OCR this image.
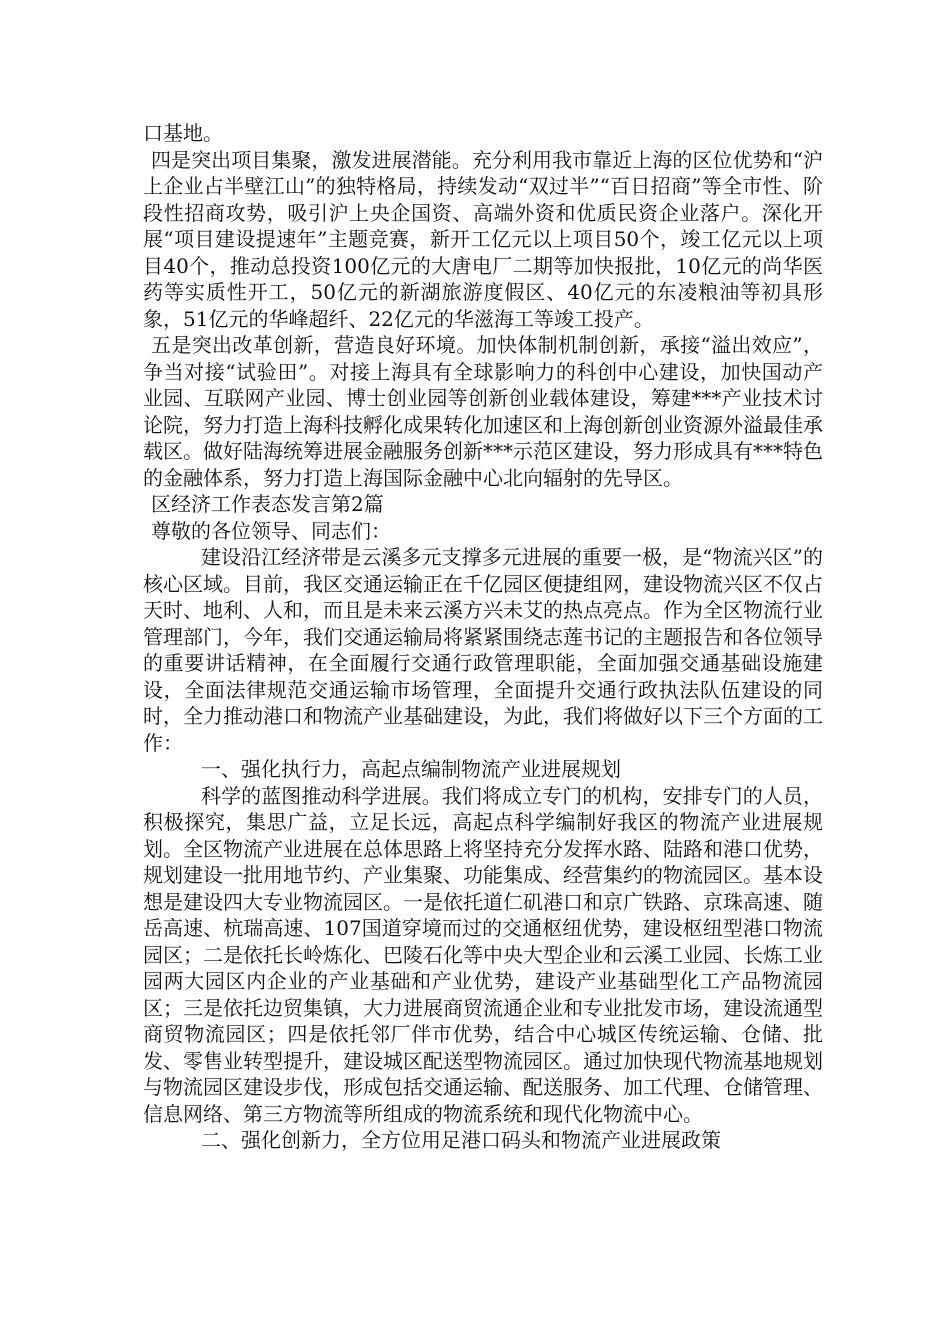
口基地。

四是突出项目集聚，激发进展潜能。充分利用我市靠近上海的区位优势和“沪上企业占半壁江山”的独特格局，持续发动“双过半”“百日招商”等全市性、阶段性招商攻势，吸引沪上央企国资、高端外资和优质民资企业落户。深化开展“项目建设提速年”主题竞赛，新开工亿元以上项目50个，竣工亿元以上项目40个，推动总投资100亿元的大唐电厂二期等加快报批，10亿元的尚华医药等实质性开工，50亿元的新湖旅游度假区、40亿元的东凌粮油等初具形象，51亿元的华峰超纤、22亿元的华滋海工等竣工投产。

五是突出改革创新，营造良好环境。加快体制机制创新，承接“溢出效应”，争当对接“试验田”。对接上海具有全球影响力的科创中心建设，加快国动产业园、互联网产业园、博士创业园等创新创业载体建设，筹建***产业技术讨论院，努力打造上海科技孵化成果转化加速区和上海创新创业资源外溢最佳承载区。做好陆海统筹进展金融服务创新***示范区建设，努力形成具有***特色的金融体系，努力打造上海国际金融中心北向辐射的先导区。

区经济工作表态发言第2篇

尊敬的各位领导、同志们：

建设沿江经济带是云溪多元支撑多元进展的重要一极，是“物流兴区”的核心区域。目前，我区交通运输正在千亿园区便捷组网，建设物流兴区不仅占天时、地利、人和，而且是未来云溪方兴未艾的热点亮点。作为全区物流行业管理部门，今年，我们交通运输局将紧紧围绕志莲书记的主题报告和各位领导的重要讲话精神，在全面履行交通行政管理职能，全面加强交通基础设施建设，全面法律规范交通运输市场管理，全面提升交通行政执法队伍建设的同时，全力推动港口和物流产业基础建设，为此，我们将做好以下三个方面的工作：

一、强化执行力，高起点编制物流产业进展规划

科学的蓝图推动科学进展。我们将成立专门的机构，安排专门的人员，积极探究，集思广益，立足长远，高起点科学编制好我区的物流产业进展规划。全区物流产业进展在总体思路上将坚持充分发挥水路、陆路和港口优势，规划建设一批用地节约、产业集聚、功能集成、经营集约的物流园区。基本设想是建设四大专业物流园区。一是依托道仁矶港口和京广铁路、京珠高速、随岳高速、杭瑞高速、107国道穿境而过的交通枢纽优势，建设枢纽型港口物流园区；二是依托长岭炼化、巴陵石化等中央大型企业和云溪工业园、长炼工业园两大园区内企业的产业基础和产业优势，建设产业基础型化工产品物流园区；三是依托边贸集镇，大力进展商贸流通企业和专业批发市场，建设流通型商贸物流园区；四是依托邻厂伴市优势，结合中心城区传统运输、仓储、批发、零售业转型提升，建设城区配送型物流园区。通过加快现代物流基地规划与物流园区建设步伐，形成包括交通运输、配送服务、加工代理、仓储管理、信息网络、第三方物流等所组成的物流系统和现代化物流中心。

二、强化创新力，全方位用足港口码头和物流产业进展政策
